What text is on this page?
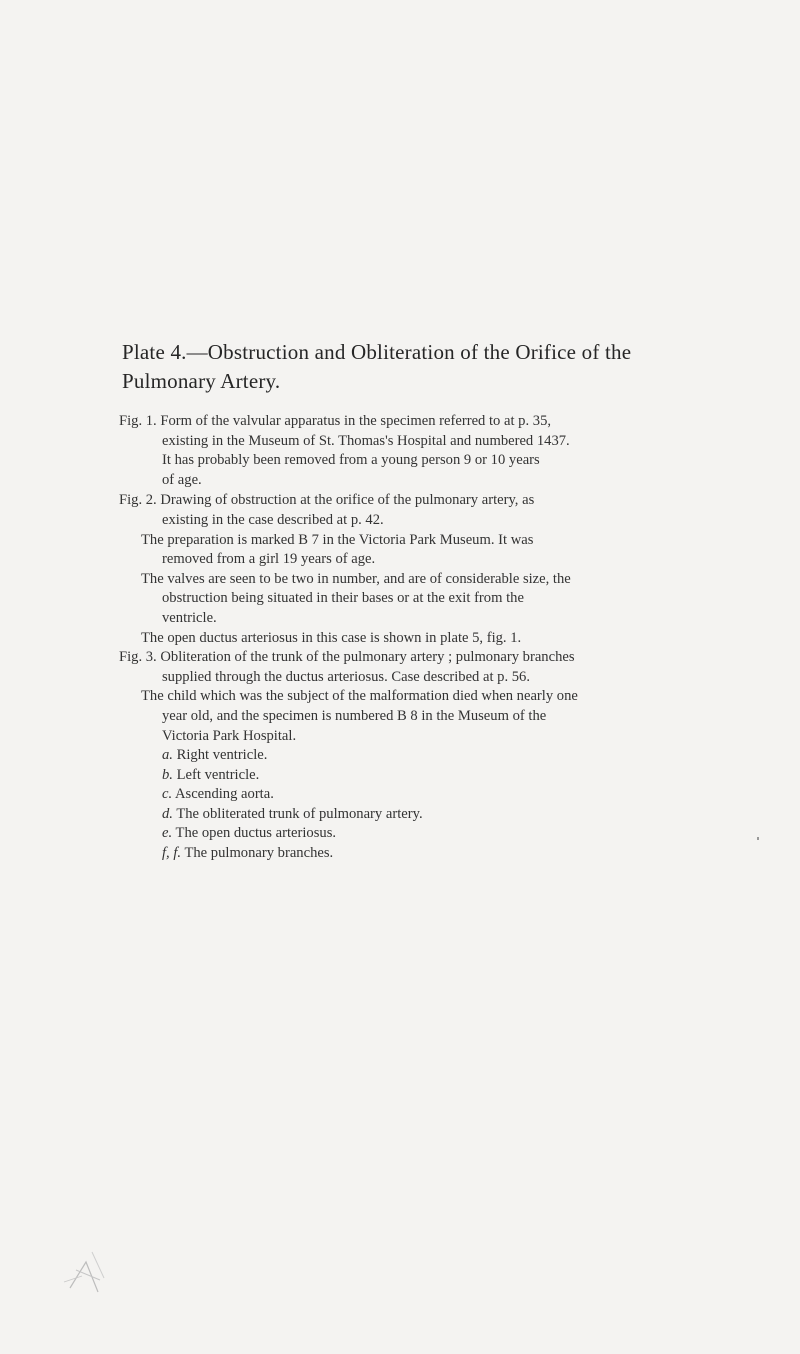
Plate 4.—Obstruction and Obliteration of the Orifice of the
Pulmonary Artery.
Fig. 1. Form of the valvular apparatus in the specimen referred to at p. 35,
existing in the Museum of St. Thomas's Hospital and numbered 1437.
It has probably been removed from a young person 9 or 10 years
of age.
Fig. 2. Drawing of obstruction at the orifice of the pulmonary artery, as
existing in the case described at p. 42.
The preparation is marked B 7 in the Victoria Park Museum. It was
removed from a girl 19 years of age.
The valves are seen to be two in number, and are of considerable size, the
obstruction being situated in their bases or at the exit from the
ventricle.
The open ductus arteriosus in this case is shown in plate 5, fig. 1.
Fig. 3. Obliteration of the trunk of the pulmonary artery ; pulmonary branches
supplied through the ductus arteriosus. Case described at p. 56.
The child which was the subject of the malformation died when nearly one
year old, and the specimen is numbered B 8 in the Museum of the
Victoria Park Hospital.
a. Right ventricle.
b. Left ventricle.
c. Ascending aorta.
d. The obliterated trunk of pulmonary artery.
e. The open ductus arteriosus.
f, f. The pulmonary branches.
